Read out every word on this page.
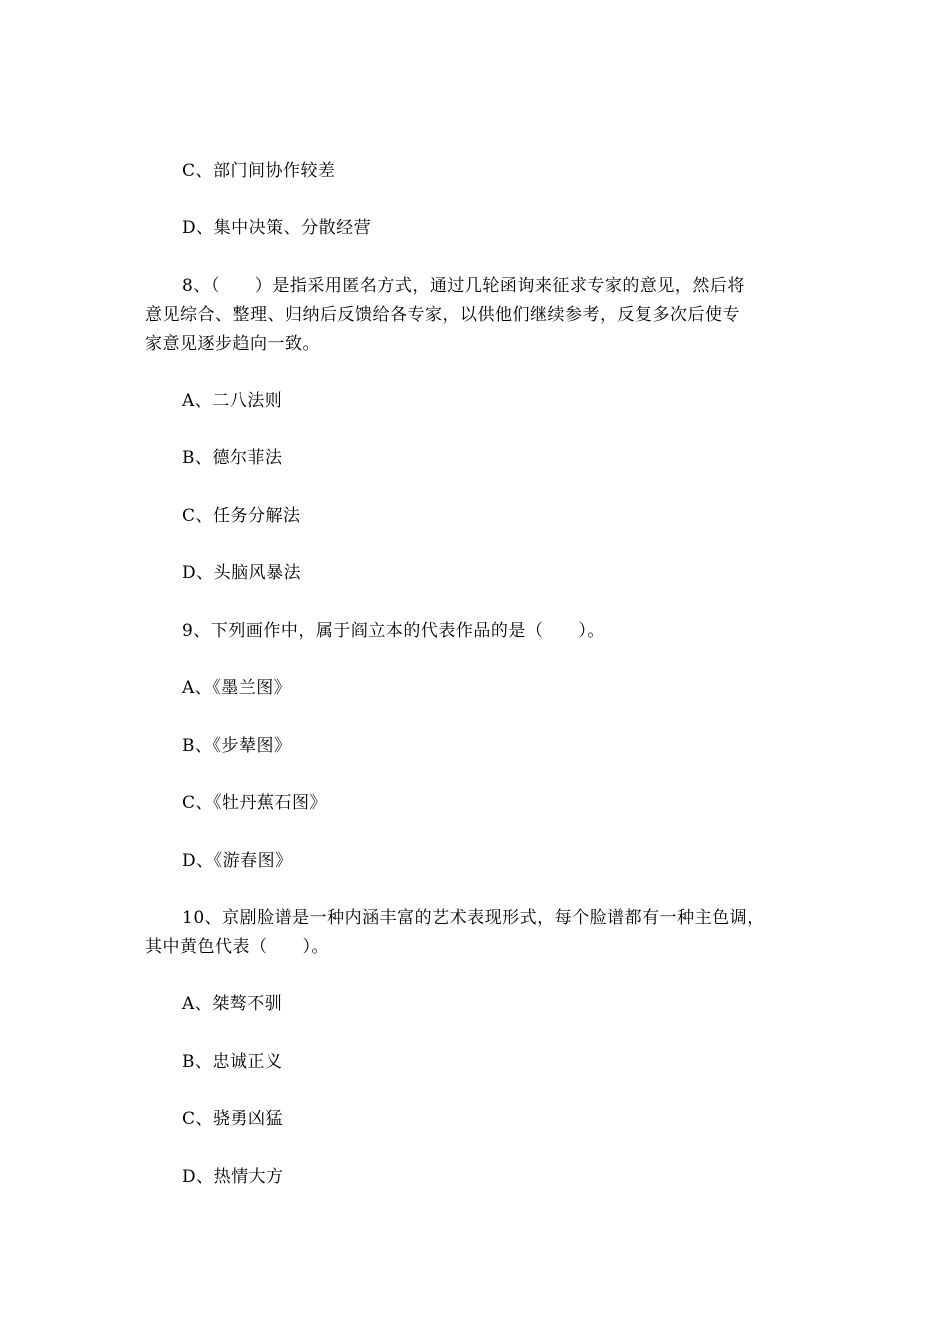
C、部门间协作较差
D、集中决策、分散经营
8、（　　）是指采用匿名方式，通过几轮函询来征求专家的意见，然后将
意见综合、整理、归纳后反馈给各专家，以供他们继续参考，反复多次后使专
家意见逐步趋向一致。
A、二八法则
B、德尔菲法
C、任务分解法
D、头脑风暴法
9、下列画作中，属于阎立本的代表作品的是（　　）。
A、《墨兰图》
B、《步辇图》
C、《牡丹蕉石图》
D、《游春图》
10、京剧脸谱是一种内涵丰富的艺术表现形式，每个脸谱都有一种主色调，
其中黄色代表（　　）。
A、桀骜不驯
B、忠诚正义
C、骁勇凶猛
D、热情大方
